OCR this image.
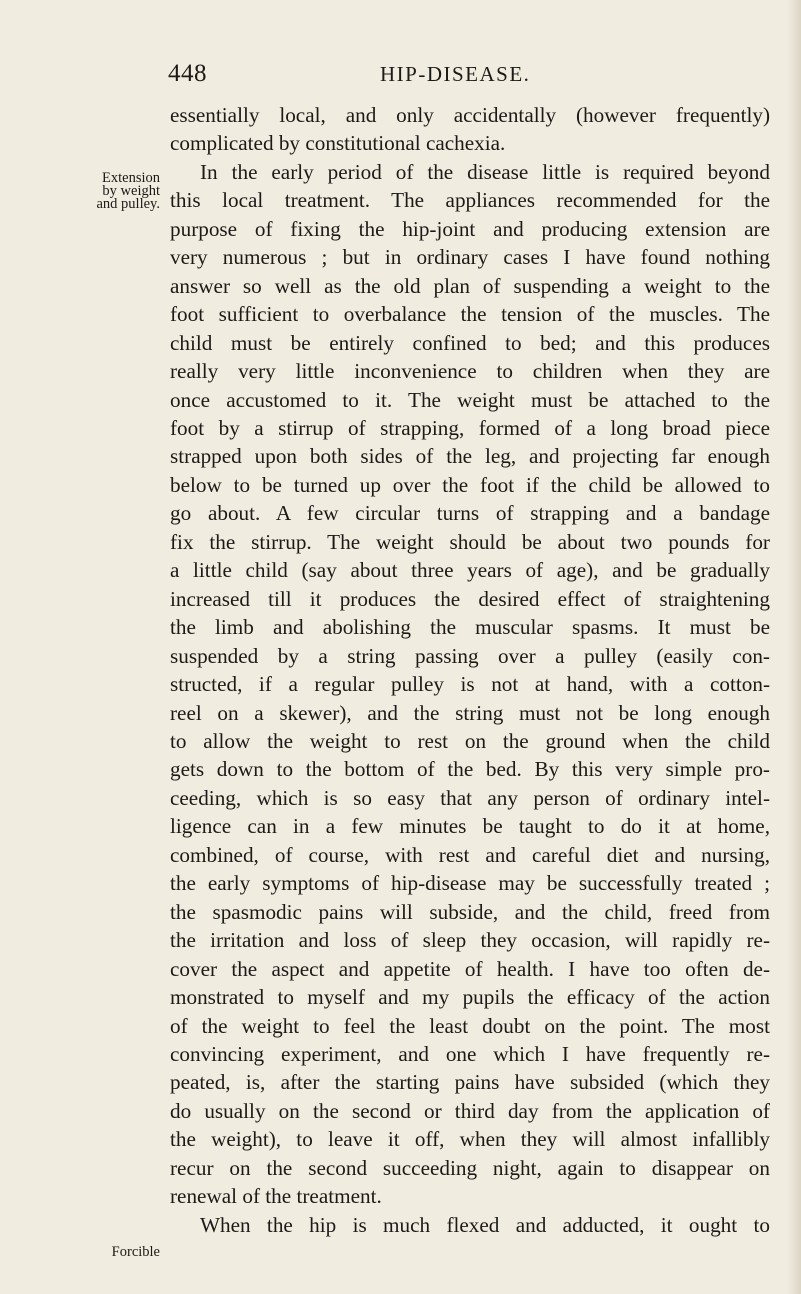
448	HIP-DISEASE.
Extension
by weight
and pulley.
Forcible
essentially local, and only accidentally (however frequently)
complicated by constitutional cachexia.
In the early period of the disease little is required beyond
this local treatment. The appliances recommended for the
purpose of fixing the hip-joint and producing extension are
very numerous ; but in ordinary cases I have found nothing
answer so well as the old plan of suspending a weight to the
foot sufficient to overbalance the tension of the muscles. The
child must be entirely confined to bed; and this produces
really very little inconvenience to children when they are
once accustomed to it. The weight must be attached to the
foot by a stirrup of strapping, formed of a long broad piece
strapped upon both sides of the leg, and projecting far enough
below to be turned up over the foot if the child be allowed to
go about. A few circular turns of strapping and a bandage
fix the stirrup. The weight should be about two pounds for
a little child (say about three years of age), and be gradually
increased till it produces the desired effect of straightening
the limb and abolishing the muscular spasms. It must be
suspended by a string passing over a pulley (easily con-
structed, if a regular pulley is not at hand, with a cotton-
reel on a skewer), and the string must not be long enough
to allow the weight to rest on the ground when the child
gets down to the bottom of the bed. By this very simple pro-
ceeding, which is so easy that any person of ordinary intel-
ligence can in a few minutes be taught to do it at home,
combined, of course, with rest and careful diet and nursing,
the early symptoms of hip-disease may be successfully treated ;
the spasmodic pains will subside, and the child, freed from
the irritation and loss of sleep they occasion, will rapidly re-
cover the aspect and appetite of health. I have too often de-
monstrated to myself and my pupils the efficacy of the action
of the weight to feel the least doubt on the point. The most
convincing experiment, and one which I have frequently re-
peated, is, after the starting pains have subsided (which they
do usually on the second or third day from the application of
the weight), to leave it off, when they will almost infallibly
recur on the second succeeding night, again to disappear on
renewal of the treatment.
When the hip is much flexed and adducted, it ought to
